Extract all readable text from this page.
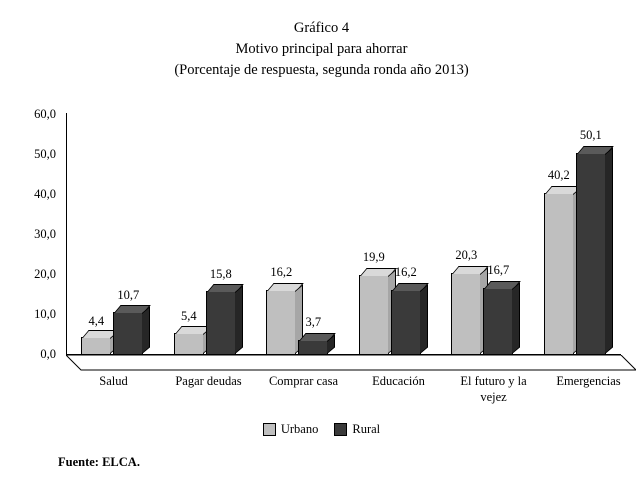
Gráfico 4
Motivo principal para ahorrar
(Porcentaje de respuesta, segunda ronda año 2013)
60,0
50,0
40,0
30,0
20,0
10,0
0,0
4,4
10,7
5,4
15,8	16,2
3,7
19,9
16,2
20,3
16,7
40,2
50,1
Salud	Pagar deudas	Comprar casa	Educación	El futuro y la vejez
Emergencias
Urbano	Rural
Fuente: ELCA.
